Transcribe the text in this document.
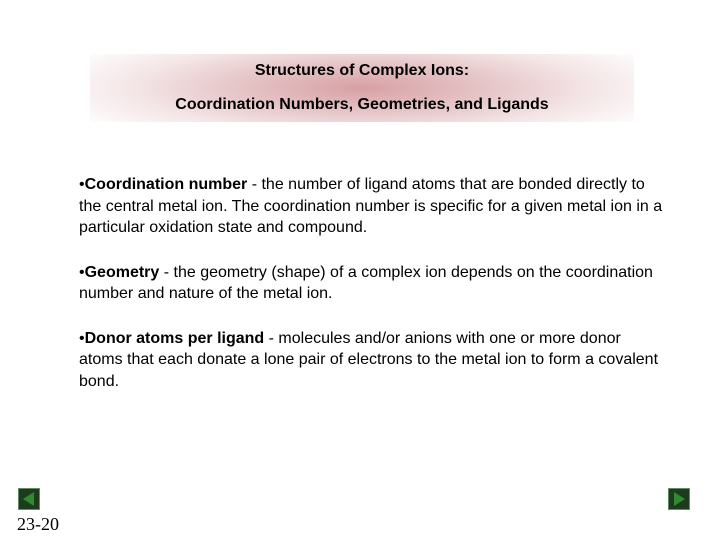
Structures of Complex Ions:
Coordination Numbers, Geometries, and Ligands
•Coordination number - the number of ligand atoms that are bonded directly to the central metal ion. The coordination number is specific for a given metal ion in a particular oxidation state and compound.
•Geometry - the geometry (shape) of a complex ion depends on the coordination number and nature of the metal ion.
•Donor atoms per ligand - molecules and/or anions with one or more donor atoms that each donate a lone pair of electrons to the metal ion to form a covalent bond.
23-20
